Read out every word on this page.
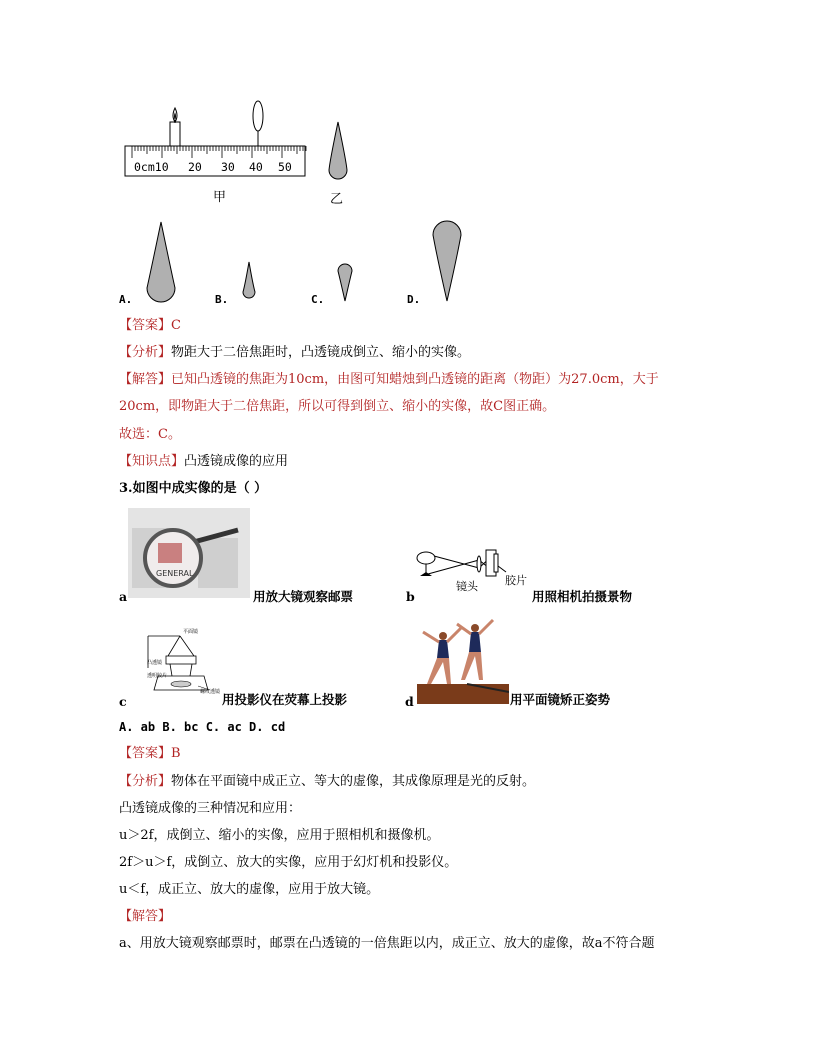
0cm10 20 30 40 50
甲	乙
A.	B.	C.	D.
【答案】C
【分析】物距大于二倍焦距时，凸透镜成倒立、缩小的实像。
【解答】已知凸透镜的焦距为10cm，由图可知蜡烛到凸透镜的距离（物距）为27.0cm，大于
20cm，即物距大于二倍焦距，所以可得到倒立、缩小的实像，故C图正确。
故选：C。
【知识点】凸透镜成像的应用
3.如图中成实像的是（ ）
GENERAL
a	用放大镜观察邮票
镜头 胶片
b	用照相机拍摄景物
平面镜
凸透镜
透明胶片
螺纹透镜
c	用投影仪在荧幕上投影	d	用平面镜矫正姿势
A. ab B. bc C. ac D. cd
【答案】B
【分析】物体在平面镜中成正立、等大的虚像，其成像原理是光的反射。
凸透镜成像的三种情况和应用：
u＞2f，成倒立、缩小的实像，应用于照相机和摄像机。
2f＞u＞f，成倒立、放大的实像，应用于幻灯机和投影仪。
u＜f，成正立、放大的虚像，应用于放大镜。
【解答】
a、用放大镜观察邮票时，邮票在凸透镜的一倍焦距以内，成正立、放大的虚像，故a不符合题
